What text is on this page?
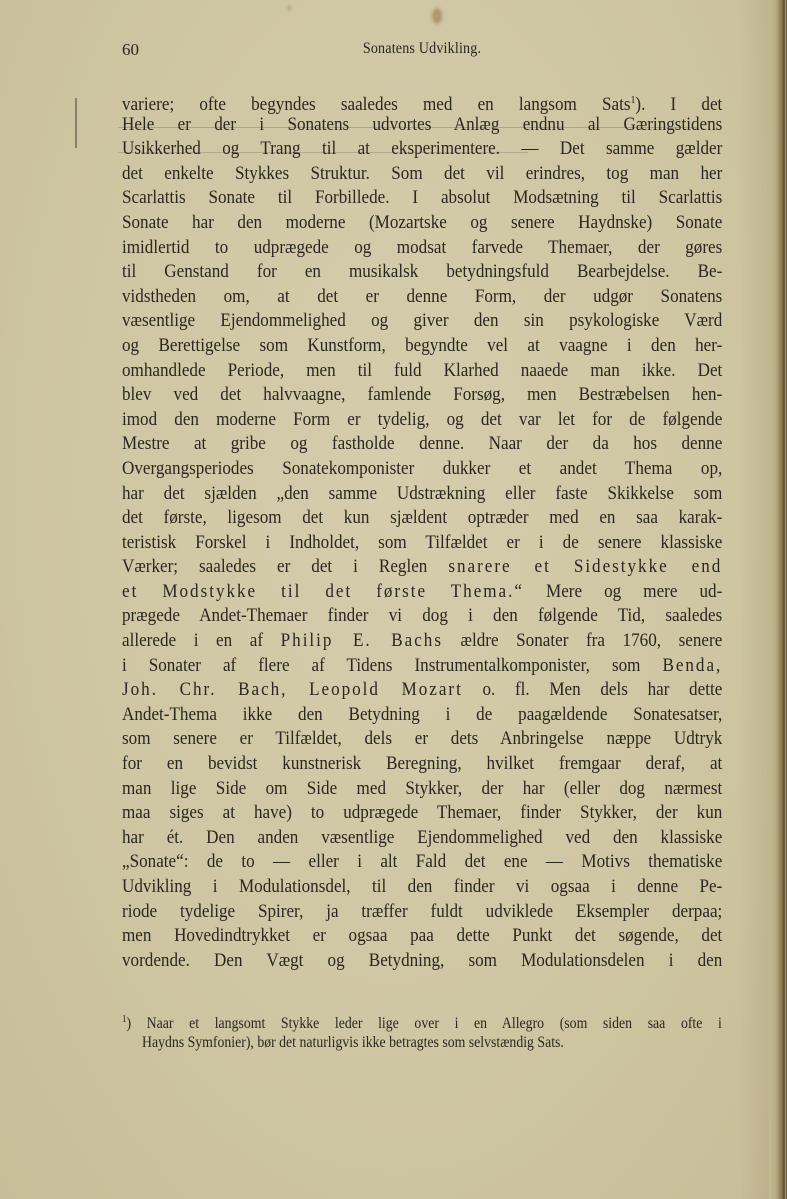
60	Sonatens Udvikling.
variere; ofte begyndes saaledes med en langsom Sats$^1$). I det
Hele er der i Sonatens udvortes Anlæg endnu al Gæringstidens
Usikkerhed og Trang til at eksperimentere. — Det samme gælder
det enkelte Stykkes Struktur. Som det vil erindres, tog man her
Scarlattis Sonate til Forbillede. I absolut Modsætning til Scarlattis
Sonate har den moderne (Mozartske og senere Haydnske) Sonate
imidlertid to udprægede og modsat farvede Themaer, der gøres
til Genstand for en musikalsk betydningsfuld Bearbejdelse. Be-
vidstheden om, at det er denne Form, der udgør Sonatens
væsentlige Ejendommelighed og giver den sin psykologiske Værd
og Berettigelse som Kunstform, begyndte vel at vaagne i den her-
omhandlede Periode, men til fuld Klarhed naaede man ikke. Det
blev ved det halvvaagne, famlende Forsøg, men Bestræbelsen hen-
imod den moderne Form er tydelig, og det var let for de følgende
Mestre at gribe og fastholde denne. Naar der da hos denne
Overgangsperiodes Sonatekomponister dukker et andet Thema op,
har det sjælden „den samme Udstrækning eller faste Skikkelse som
det første, ligesom det kun sjældent optræder med en saa karak-
teristisk Forskel i Indholdet, som Tilfældet er i de senere klassiske
Værker; saaledes er det i Reglen snarere et Sidestykke end
et Modstykke til det første Thema.“ Mere og mere ud-
prægede Andet-Themaer finder vi dog i den følgende Tid, saaledes
allerede i en af Philip E. Bachs ældre Sonater fra 1760, senere
i Sonater af flere af Tidens Instrumentalkomponister, som Benda,
Joh. Chr. Bach, Leopold Mozart o. fl. Men dels har dette
Andet-Thema ikke den Betydning i de paagældende Sonatesatser,
som senere er Tilfældet, dels er dets Anbringelse næppe Udtryk
for en bevidst kunstnerisk Beregning, hvilket fremgaar deraf, at
man lige Side om Side med Stykker, der har (eller dog nærmest
maa siges at have) to udprægede Themaer, finder Stykker, der kun
har ét. Den anden væsentlige Ejendommelighed ved den klassiske
„Sonate“: de to — eller i alt Fald det ene — Motivs thematiske
Udvikling i Modulationsdel, til den finder vi ogsaa i denne Pe-
riode tydelige Spirer, ja træffer fuldt udviklede Eksempler derpaa;
men Hovedindtrykket er ogsaa paa dette Punkt det søgende, det
vordende. Den Vægt og Betydning, som Modulationsdelen i den
$^1$) Naar et langsomt Stykke leder lige over i en Allegro (som siden saa ofte i
Haydns Symfonier), bør det naturligvis ikke betragtes som selvstændig Sats.
